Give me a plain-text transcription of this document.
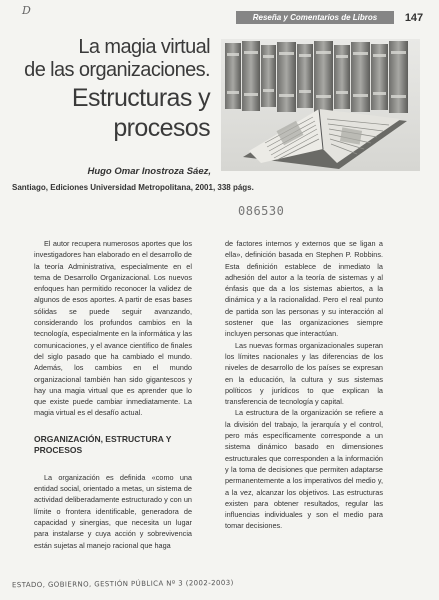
D
Reseña y Comentarios de Libros	147
La magia virtual
de las organizaciones.
Estructuras y
procesos
Hugo Omar Inostroza Sáez,
Santiago, Ediciones Universidad Metropolitana, 2001, 338 págs.
086530

El autor recupera numerosos aportes que los investigadores han elaborado en el desarrollo de la teoría Administrativa, especialmente en el tema de Desarrollo Organizacional. Los nuevos enfoques han permitido reconocer la validez de algunos de esos aportes. A partir de esas bases sólidas se puede seguir avanzando, considerando los profundos cambios en la tecnología, especialmente en la informática y las comunicaciones, y el avance científico de finales del siglo pasado que ha cambiado el mundo. Además, los cambios en el mundo organizacional también han sido gigantescos y hay una magia virtual que es aprender que lo que existe puede cambiar inmediatamente. La magia virtual es el desafío actual.

ORGANIZACIÓN, ESTRUCTURA Y PROCESOS

La organización es definida «como una entidad social, orientado a metas, un sistema de actividad deliberadamente estructurado y con un límite o frontera identificable, generadora de capacidad y sinergias, que necesita un lugar para instalarse y cuya acción y sobrevivencia están sujetas al manejo racional que haga

de factores internos y externos que se ligan a ella», definición basada en Stephen P. Robbins. Esta definición establece de inmediato la adhesión del autor a la teoría de sistemas y al énfasis que da a los sistemas abiertos, a la dinámica y a la racionalidad. Pero el real punto de partida son las personas y su interacción al sostener que las organizaciones siempre incluyen personas que interactúan.

Las nuevas formas organizacionales superan los límites nacionales y las diferencias de los niveles de desarrollo de los países se expresan en la educación, la cultura y sus sistemas políticos y jurídicos to que explican la transferencia de tecnología y capital.

La estructura de la organización se refiere a la división del trabajo, la jerarquía y el control, pero más específicamente corresponde a un sistema dinámico basado en dimensiones estructurales que corresponden a la información y la toma de decisiones que permiten adaptarse permanentemente a los imperativos del medio y, a la vez, alcanzar los objetivos. Las estructuras existen para obtener resultados, regular las influencias individuales y son el medio para tomar decisiones.

ESTADO, GOBIERNO, GESTIÓN PÚBLICA Nº 3 (2002-2003)
